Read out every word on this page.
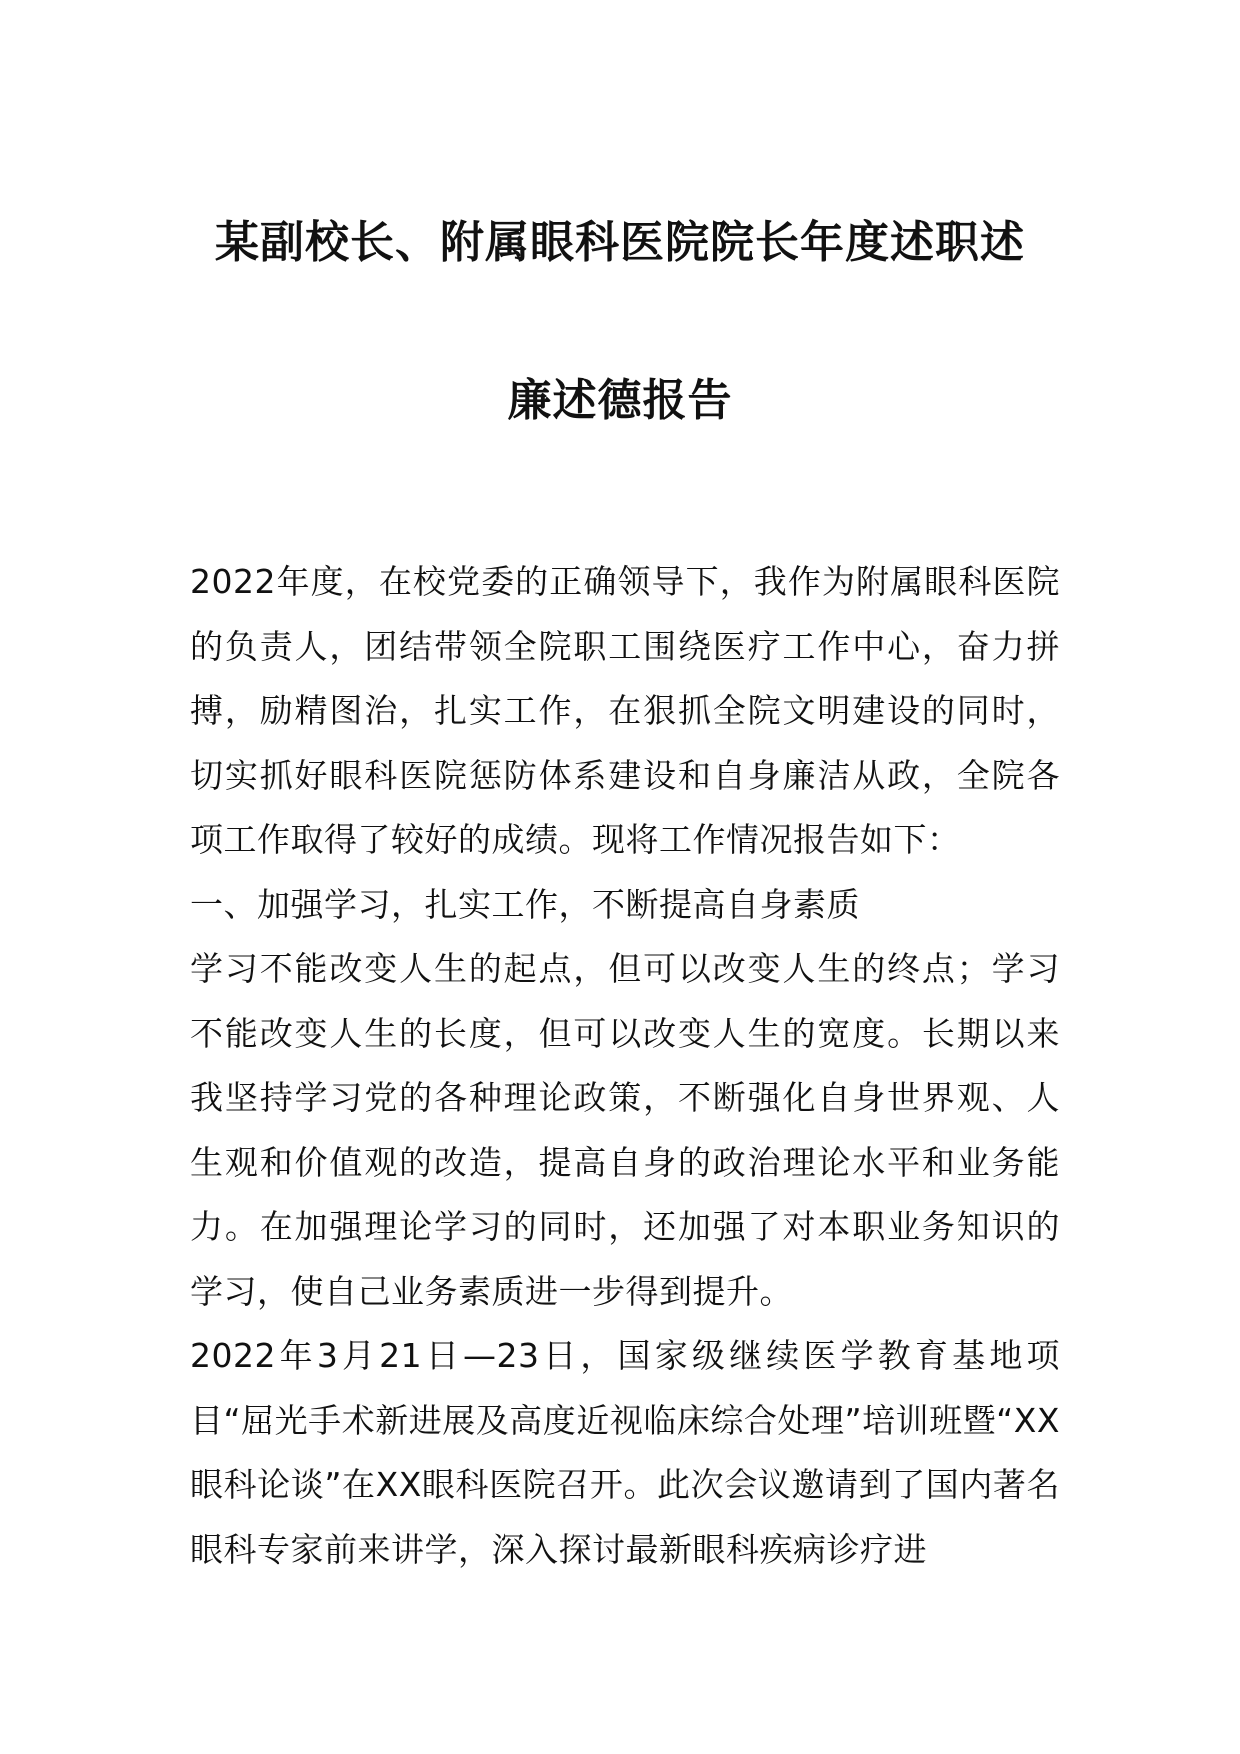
某副校长、附属眼科医院院长年度述职述
廉述德报告

2022年度，在校党委的正确领导下，我作为附属眼科医院的负责人，团结带领全院职工围绕医疗工作中心，奋力拼搏，励精图治，扎实工作，在狠抓全院文明建设的同时，切实抓好眼科医院惩防体系建设和自身廉洁从政，全院各项工作取得了较好的成绩。现将工作情况报告如下：

一、加强学习，扎实工作，不断提高自身素质

学习不能改变人生的起点，但可以改变人生的终点；学习不能改变人生的长度，但可以改变人生的宽度。长期以来我坚持学习党的各种理论政策，不断强化自身世界观、人生观和价值观的改造，提高自身的政治理论水平和业务能力。在加强理论学习的同时，还加强了对本职业务知识的学习，使自己业务素质进一步得到提升。

2022年3月21日—23日，国家级继续医学教育基地项目“屈光手术新进展及高度近视临床综合处理”培训班暨“XX眼科论谈”在XX眼科医院召开。此次会议邀请到了国内著名眼科专家前来讲学，深入探讨最新眼科疾病诊疗进
